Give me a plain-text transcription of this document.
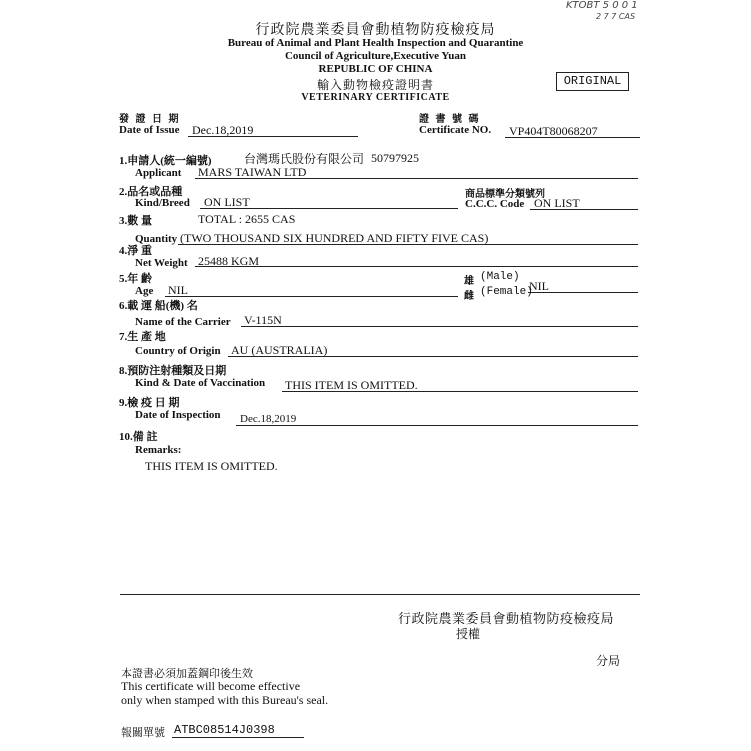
KTOBT 5 0 0 1
2 7 7 CAS
行政院農業委員會動植物防疫檢疫局
Bureau of Animal and Plant Health Inspection and Quarantine
Council of Agriculture,Executive Yuan
REPUBLIC OF CHINA
輸入動物檢疫證明書
VETERINARY CERTIFICATE
ORIGINAL
發 證 日 期
Date of Issue Dec.18,2019
證 書 號 碼
Certificate NO. VP404T80068207
1.申請人(統一編號)	台灣瑪氏股份有限公司 50797925
Applicant MARS TAIWAN LTD
2.品名或品種
Kind/Breed ON LIST
商品標準分類號列
C.C.C. Code ON LIST
3.數 量	TOTAL : 2655 CAS
Quantity (TWO THOUSAND SIX HUNDRED AND FIFTY FIVE CAS)
4.淨 重
Net Weight 25488 KGM
5.年 齡
Age NIL
雄 (Male)
雌 (Female)
NIL
6.載 運 船(機) 名
Name of the Carrier V-115N
7.生 產 地
Country of Origin AU (AUSTRALIA)
8.預防注射種類及日期
Kind & Date of Vaccination THIS ITEM IS OMITTED.
9.檢 疫 日 期
Date of Inspection Dec.18,2019
10.備 註
Remarks:
THIS ITEM IS OMITTED.
行政院農業委員會動植物防疫檢疫局
授權
分局
本證書必須加蓋鋼印後生效
This certificate will become effective
only when stamped with this Bureau's seal.
報關單號 ATBC08514J0398
